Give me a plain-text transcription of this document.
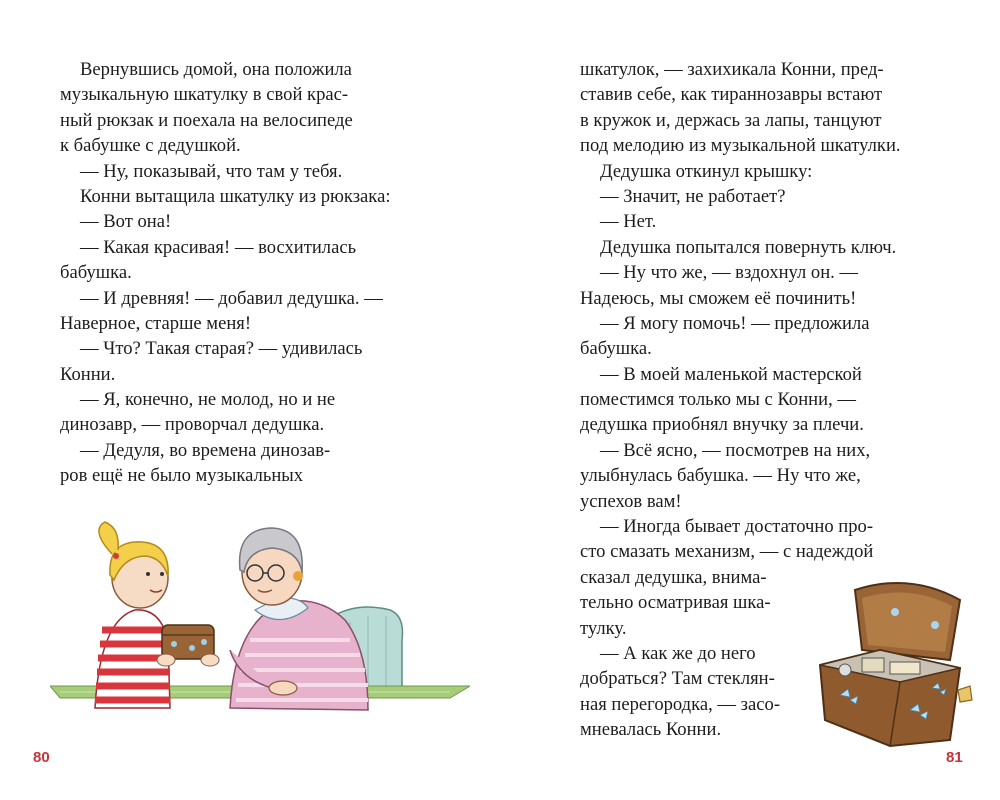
Вернувшись домой, она положила
музыкальную шкатулку в свой крас-
ный рюкзак и поехала на велосипеде
к бабушке с дедушкой.
— Ну, показывай, что там у тебя.
Конни вытащила шкатулку из рюкзака:
— Вот она!
— Какая красивая! — восхитилась
бабушка.
— И древняя! — добавил дедушка. —
Наверное, старше меня!
— Что? Такая старая? — удивилась
Конни.
— Я, конечно, не молод, но и не
динозавр, — проворчал дедушка.
— Дедуля, во времена динозав-
ров ещё не было музыкальных
80
шкатулок, — захихикала Конни, пред-
ставив себе, как тираннозавры встают
в кружок и, держась за лапы, танцуют
под мелодию из музыкальной шкатулки.
Дедушка откинул крышку:
— Значит, не работает?
— Нет.
Дедушка попытался повернуть ключ.
— Ну что же, — вздохнул он. —
Надеюсь, мы сможем её починить!
— Я могу помочь! — предложила
бабушка.
— В моей маленькой мастерской
поместимся только мы с Конни, —
дедушка приобнял внучку за плечи.
— Всё ясно, — посмотрев на них,
улыбнулась бабушка. — Ну что же,
успехов вам!
— Иногда бывает достаточно про-
сто смазать механизм, — с надеждой
сказал дедушка, внима-
тельно осматривая шка-
тулку.
— А как же до него
добраться? Там стеклян-
ная перегородка, — засо-
мневалась Конни.
81
